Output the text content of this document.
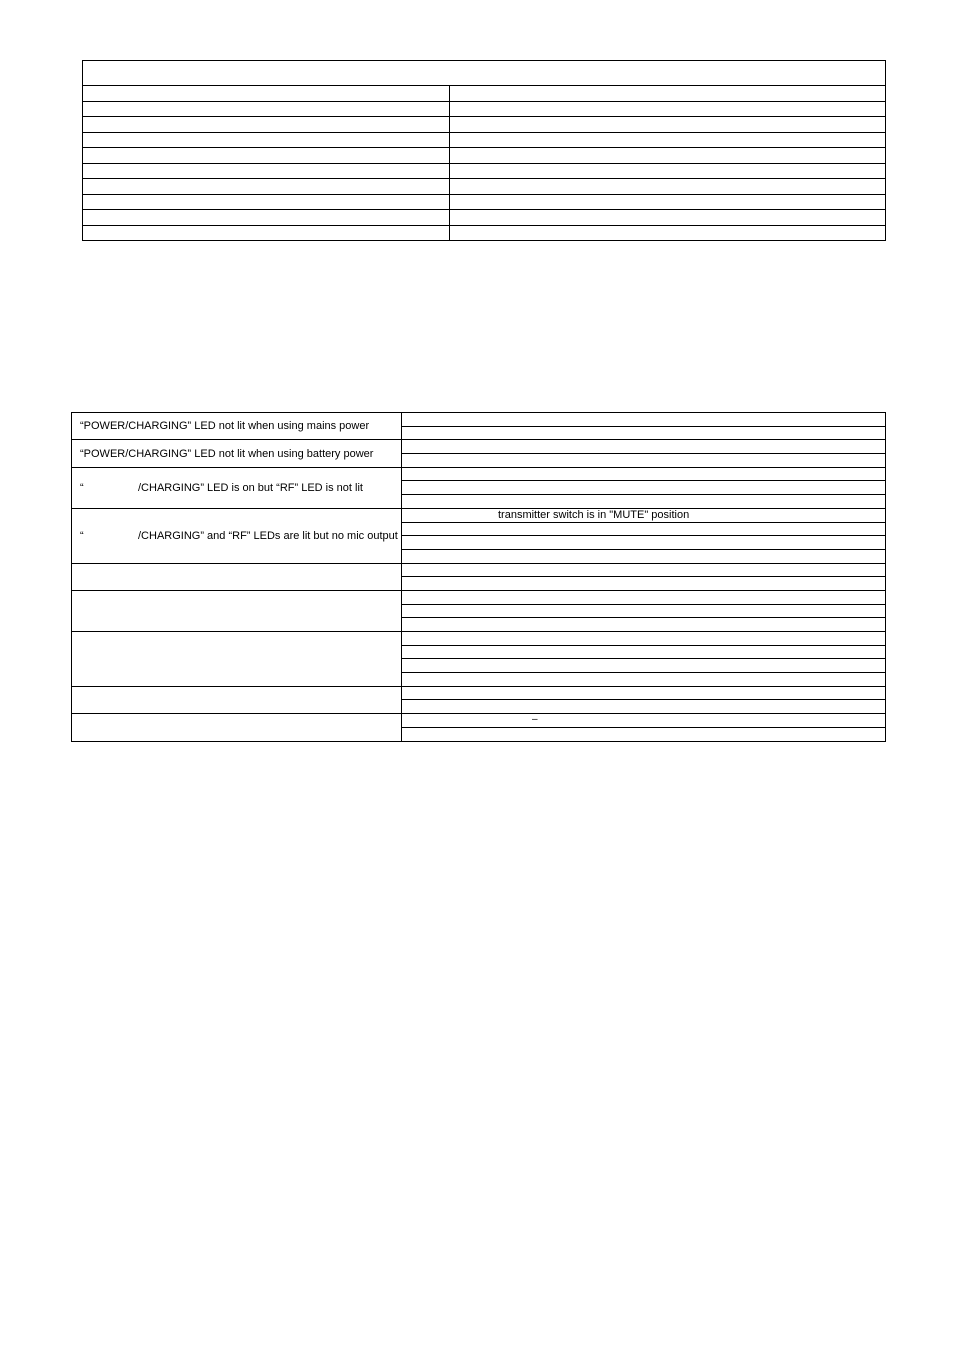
“POWER/CHARGING” LED not lit when using mains power	

“POWER/CHARGING” LED not lit when using battery power	

“ /CHARGING” LED is on but “RF” LED is not lit	

“ /CHARGING” and “RF” LEDs are lit but no mic output	transmitter switch is in "MUTE" position

	–
